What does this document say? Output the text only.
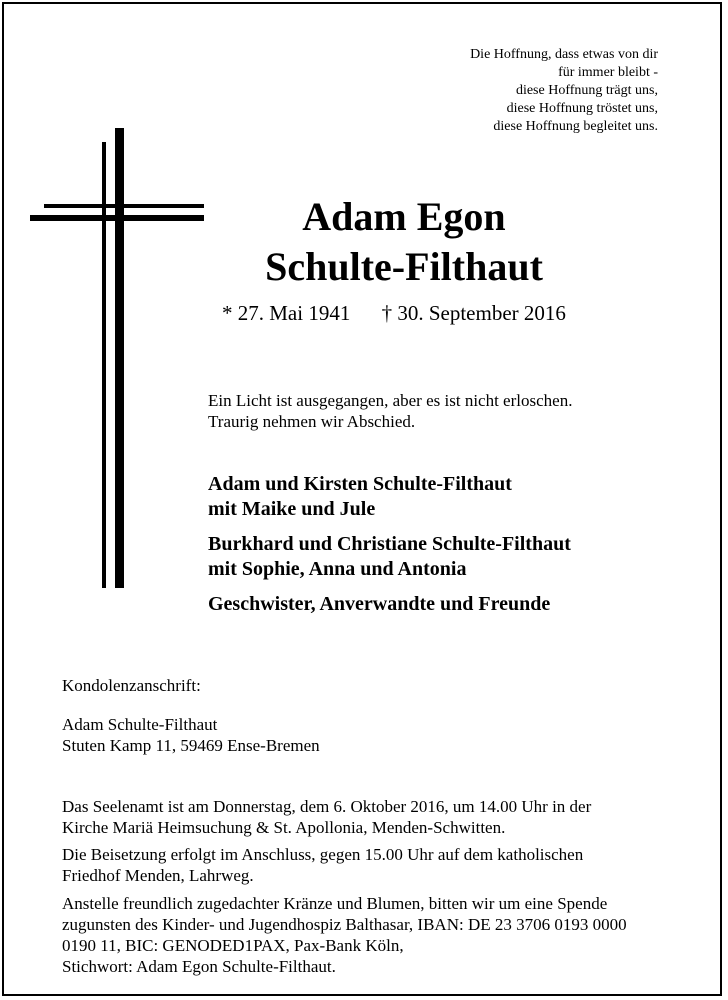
Die Hoffnung, dass etwas von dir
für immer bleibt -
diese Hoffnung trägt uns,
diese Hoffnung tröstet uns,
diese Hoffnung begleitet uns.
Adam Egon
Schulte-Filthaut
* 27. Mai 1941 † 30. September 2016
Ein Licht ist ausgegangen, aber es ist nicht erloschen.
Traurig nehmen wir Abschied.
Adam und Kirsten Schulte-Filthaut
mit Maike und Jule
Burkhard und Christiane Schulte-Filthaut
mit Sophie, Anna und Antonia
Geschwister, Anverwandte und Freunde
Kondolenzanschrift:
Adam Schulte-Filthaut
Stuten Kamp 11, 59469 Ense-Bremen
Das Seelenamt ist am Donnerstag, dem 6. Oktober 2016, um 14.00 Uhr in der
Kirche Mariä Heimsuchung & St. Apollonia, Menden-Schwitten.
Die Beisetzung erfolgt im Anschluss, gegen 15.00 Uhr auf dem katholischen
Friedhof Menden, Lahrweg.
Anstelle freundlich zugedachter Kränze und Blumen, bitten wir um eine Spende
zugunsten des Kinder- und Jugendhospiz Balthasar, IBAN: DE 23 3706 0193 0000
0190 11, BIC: GENODED1PAX, Pax-Bank Köln,
Stichwort: Adam Egon Schulte-Filthaut.
